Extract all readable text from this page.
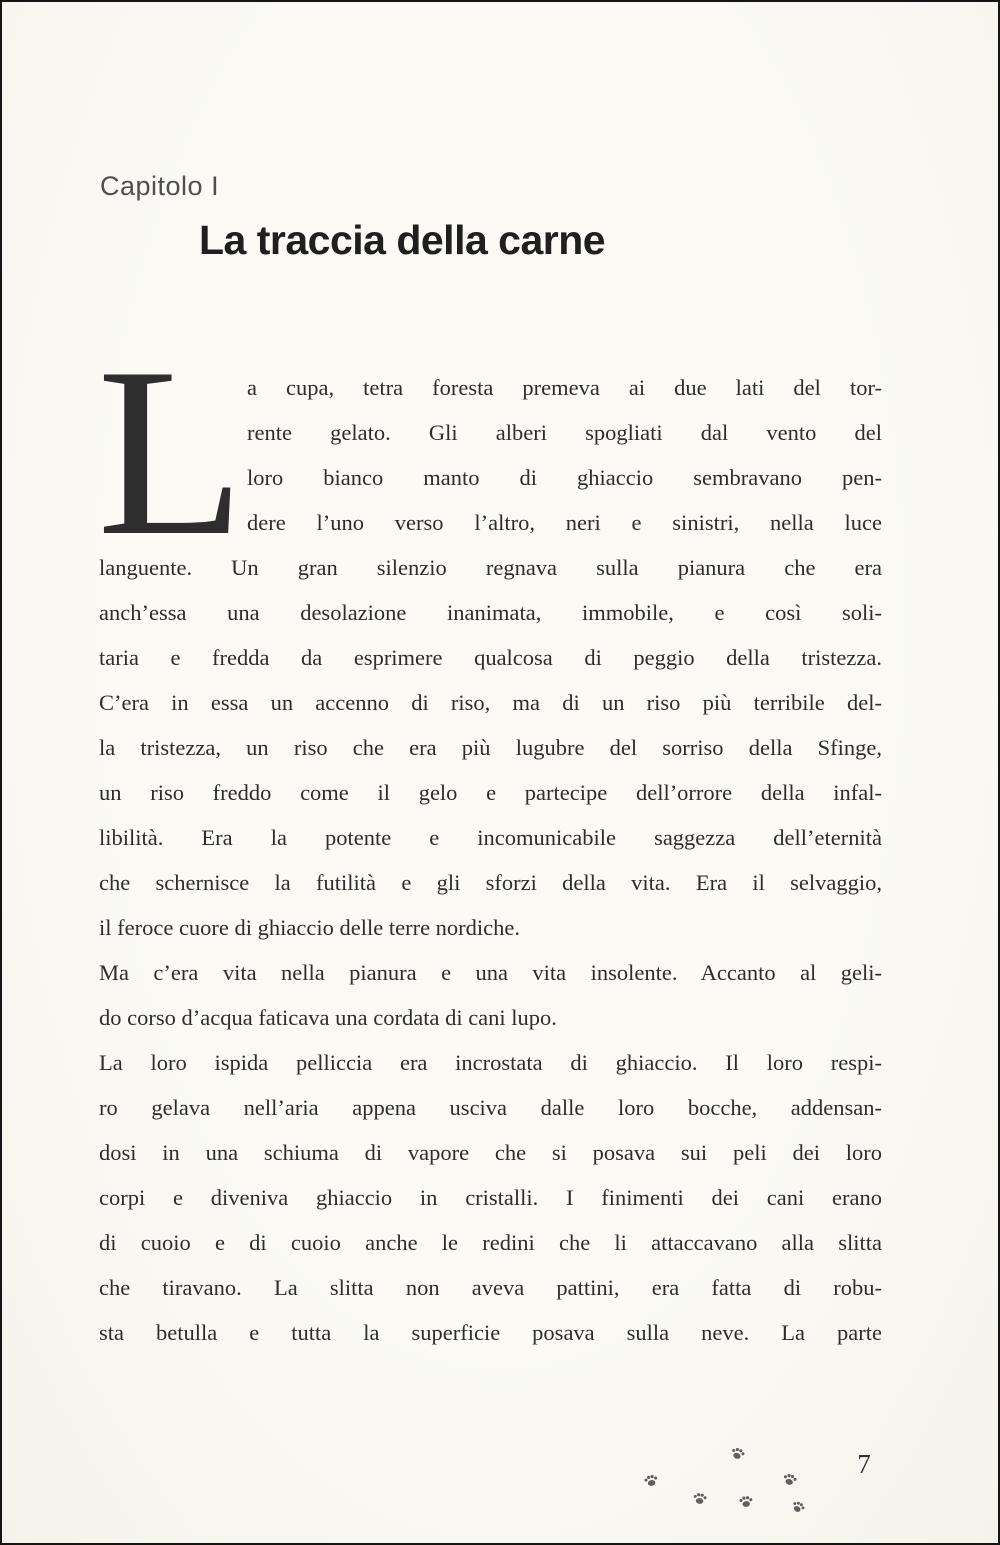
Capitolo I
La traccia della carne
L a cupa, tetra foresta premeva ai due lati del tor-
rente gelato. Gli alberi spogliati dal vento del
loro bianco manto di ghiaccio sembravano pen-
dere l’uno verso l’altro, neri e sinistri, nella luce
languente. Un gran silenzio regnava sulla pianura che era
anch’essa una desolazione inanimata, immobile, e così soli-
taria e fredda da esprimere qualcosa di peggio della tristezza.
C’era in essa un accenno di riso, ma di un riso più terribile del-
la tristezza, un riso che era più lugubre del sorriso della Sfinge,
un riso freddo come il gelo e partecipe dell’orrore della infal-
libilità. Era la potente e incomunicabile saggezza dell’eternità
che schernisce la futilità e gli sforzi della vita. Era il selvaggio,
il feroce cuore di ghiaccio delle terre nordiche.
Ma c’era vita nella pianura e una vita insolente. Accanto al geli-
do corso d’acqua faticava una cordata di cani lupo.
La loro ispida pelliccia era incrostata di ghiaccio. Il loro respi-
ro gelava nell’aria appena usciva dalle loro bocche, addensan-
dosi in una schiuma di vapore che si posava sui peli dei loro
corpi e diveniva ghiaccio in cristalli. I finimenti dei cani erano
di cuoio e di cuoio anche le redini che li attaccavano alla slitta
che tiravano. La slitta non aveva pattini, era fatta di robu-
sta betulla e tutta la superficie posava sulla neve. La parte
7
